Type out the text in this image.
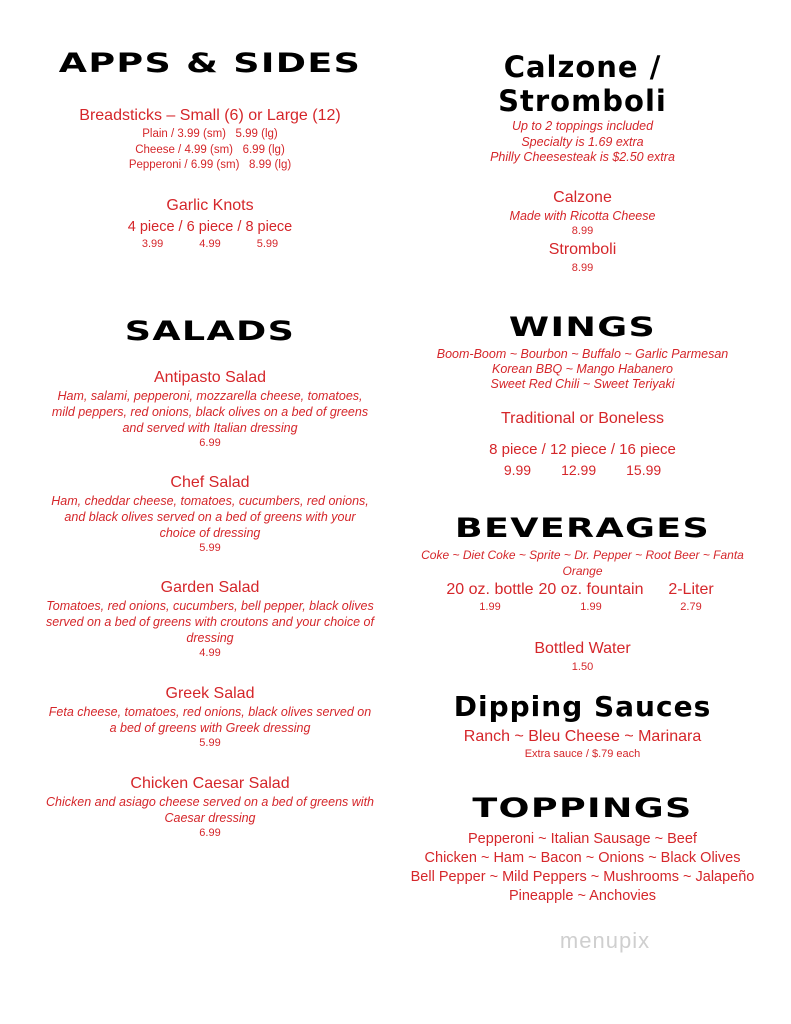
APPS & SIDES
Breadsticks – Small (6) or Large (12)
Plain / 3.99 (sm)   5.99 (lg)
Cheese / 4.99 (sm)   6.99 (lg)
Pepperoni / 6.99 (sm)   8.99 (lg)
Garlic Knots
4 piece / 6 piece / 8 piece
3.99	4.99	5.99
Calzone /
Stromboli
Up to 2 toppings included
Specialty is 1.69 extra
Philly Cheesesteak is $2.50 extra
Calzone
Made with Ricotta Cheese
8.99
Stromboli
8.99
SALADS
Antipasto Salad
Ham, salami, pepperoni, mozzarella cheese, tomatoes, mild peppers, red onions, black olives on a bed of greens and served with Italian dressing
6.99
Chef Salad
Ham, cheddar cheese, tomatoes, cucumbers, red onions, and black olives served on a bed of greens with your choice of dressing
5.99
Garden Salad
Tomatoes, red onions, cucumbers, bell pepper, black olives served on a bed of greens with croutons and your choice of dressing
4.99
Greek Salad
Feta cheese, tomatoes, red onions, black olives served on a bed of greens with Greek dressing
5.99
Chicken Caesar Salad
Chicken and asiago cheese served on a bed of greens with Caesar dressing
6.99
WINGS
Boom-Boom ~ Bourbon ~ Buffalo ~ Garlic Parmesan
Korean BBQ ~ Mango Habanero
Sweet Red Chili ~ Sweet Teriyaki
Traditional or Boneless
8 piece / 12 piece / 16 piece
9.99 12.99 15.99
BEVERAGES
Coke ~ Diet Coke ~ Sprite ~ Dr. Pepper ~ Root Beer ~ Fanta Orange
20 oz. bottle
1.99
20 oz. fountain
1.99
2-Liter
2.79
Bottled Water
1.50
Dipping Sauces
Ranch ~ Bleu Cheese ~ Marinara
Extra sauce / $.79 each
TOPPINGS
Pepperoni ~ Italian Sausage ~ Beef
Chicken ~ Ham ~ Bacon ~ Onions ~ Black Olives
Bell Pepper ~ Mild Peppers ~ Mushrooms ~ Jalapeño
Pineapple ~ Anchovies
menupix
